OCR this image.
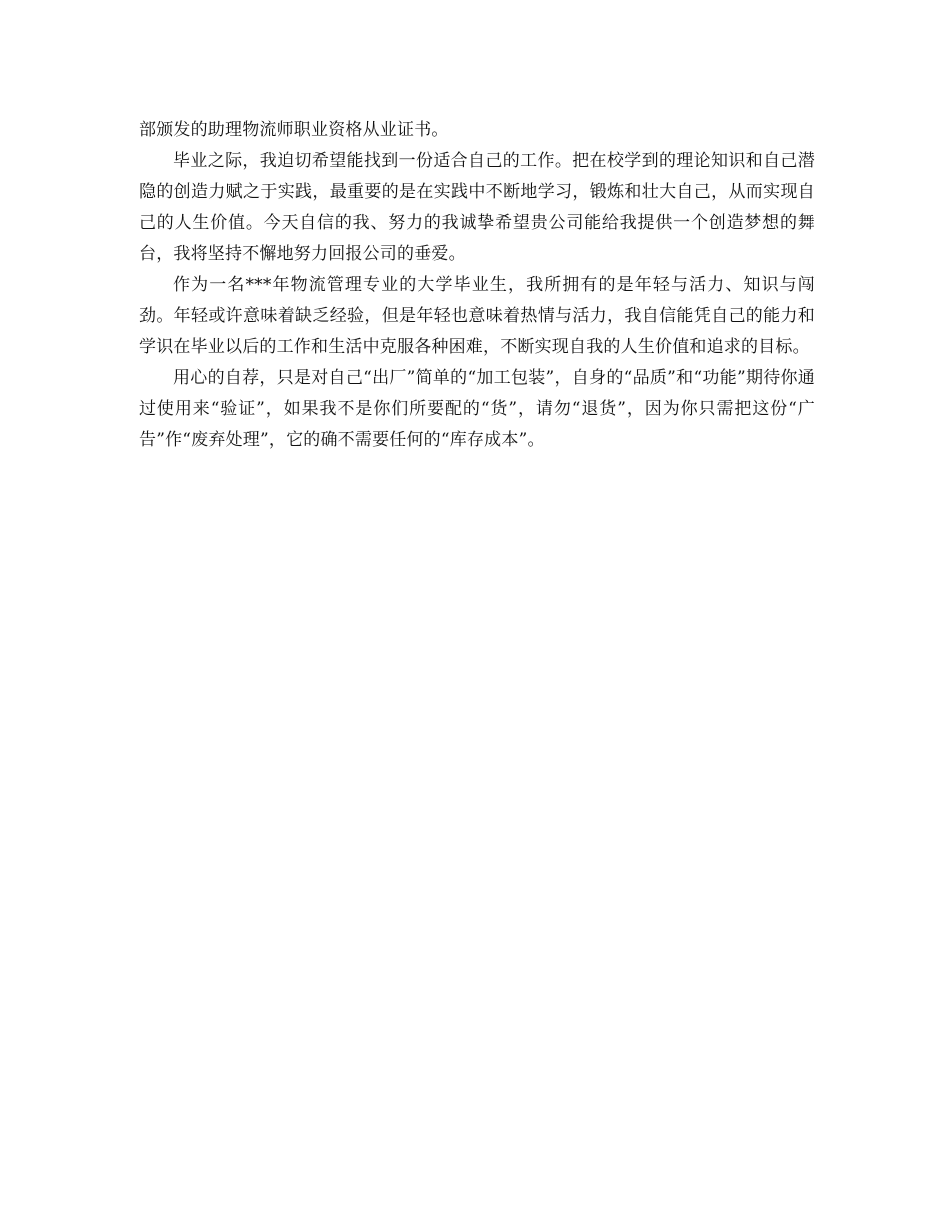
部颁发的助理物流师职业资格从业证书。

毕业之际，我迫切希望能找到一份适合自己的工作。把在校学到的理论知识和自己潜隐的创造力赋之于实践，最重要的是在实践中不断地学习，锻炼和壮大自己，从而实现自己的人生价值。今天自信的我、努力的我诚挚希望贵公司能给我提供一个创造梦想的舞台，我将坚持不懈地努力回报公司的垂爱。

作为一名***年物流管理专业的大学毕业生，我所拥有的是年轻与活力、知识与闯劲。年轻或许意味着缺乏经验，但是年轻也意味着热情与活力，我自信能凭自己的能力和学识在毕业以后的工作和生活中克服各种困难，不断实现自我的人生价值和追求的目标。

用心的自荐，只是对自己“出厂”简单的“加工包装”，自身的“品质”和“功能”期待你通过使用来“验证”，如果我不是你们所要配的“货”，请勿“退货”，因为你只需把这份“广告”作“废弃处理”，它的确不需要任何的“库存成本”。
